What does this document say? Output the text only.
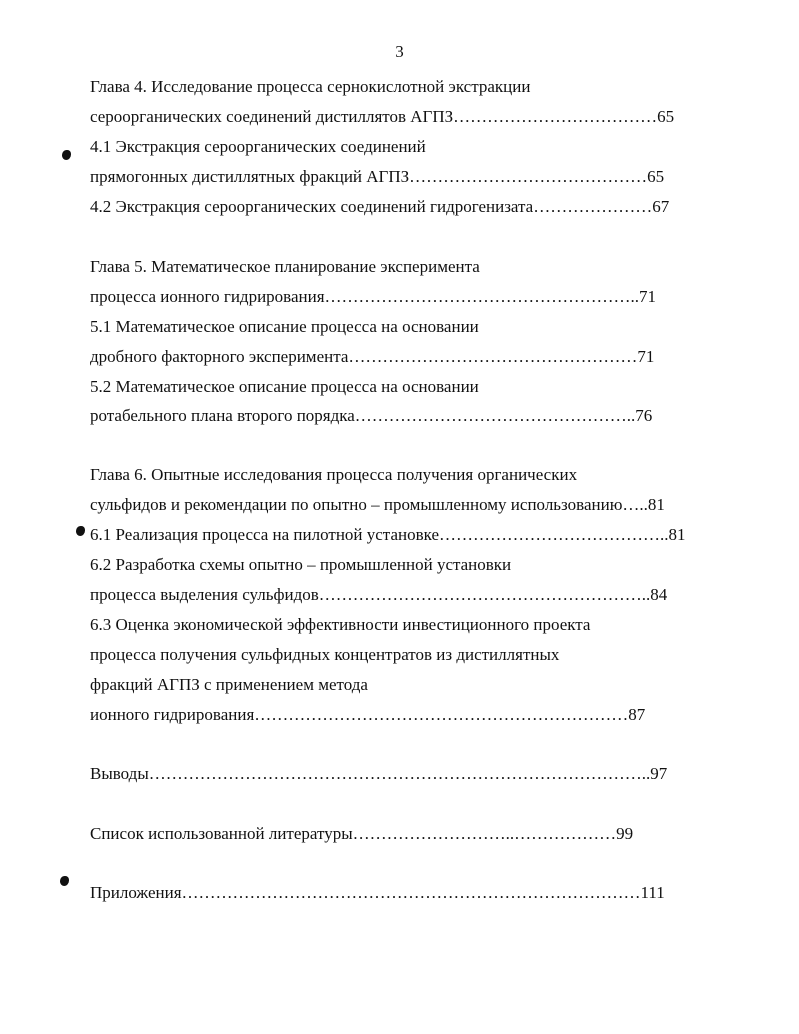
3
Глава 4. Исследование процесса сернокислотной экстракции
сероорганических соединений дистиллятов АГПЗ………………………………65
4.1 Экстракция сероорганических соединений
прямогонных дистиллятных фракций АГПЗ……………………………………65
4.2 Экстракция сероорганических соединений гидрогенизата…………………67
Глава 5. Математическое планирование эксперимента
процесса ионного гидрирования………………………………………………..71
5.1 Математическое описание процесса на основании
дробного факторного эксперимента……………………………………………71
5.2 Математическое описание процесса на основании
ротабельного плана второго порядка…………………………………………..76
Глава 6. Опытные исследования процесса получения органических
сульфидов и рекомендации по опытно – промышленному использованию…..81
6.1 Реализация процесса на пилотной установке…………………………………..81
6.2 Разработка схемы опытно – промышленной установки
процесса выделения сульфидов…………………………………………………..84
6.3 Оценка экономической эффективности инвестиционного проекта
процесса получения сульфидных концентратов из дистиллятных
фракций АГПЗ с применением метода
ионного гидрирования…………………………………………………………87
Выводы……………………………………………………………………………..97
Список использованной литературы………………………..………………99
Приложения………………………………………………………………………111
